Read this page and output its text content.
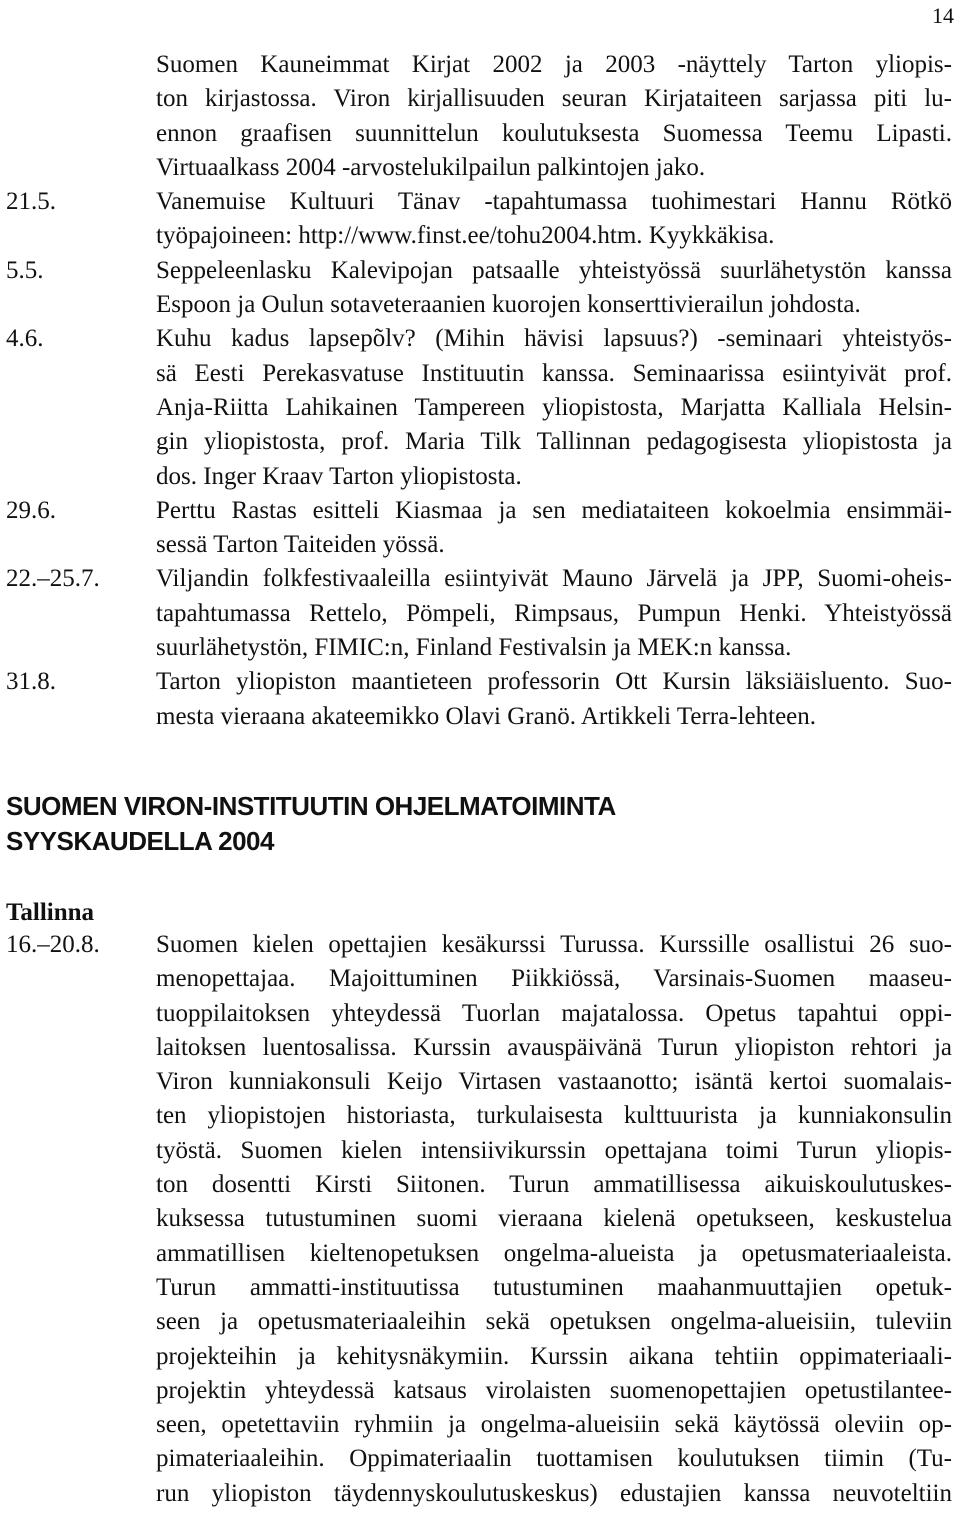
14
Suomen Kauneimmat Kirjat 2002 ja 2003 -näyttely Tarton yliopis-
ton kirjastossa. Viron kirjallisuuden seuran Kirjataiteen sarjassa piti lu-
ennon graafisen suunnittelun koulutuksesta Suomessa Teemu Lipasti.
Virtuaalkass 2004 -arvostelukilpailun palkintojen jako.
21.5.	Vanemuise Kultuuri Tänav -tapahtumassa tuohimestari Hannu Rötkö
työpajoineen: http://www.finst.ee/tohu2004.htm. Kyykkäkisa.
5.5.	Seppeleenlasku Kalevipojan patsaalle yhteistyössä suurlähetystön kanssa
Espoon ja Oulun sotaveteraanien kuorojen konserttivierailun johdosta.
4.6.	Kuhu kadus lapsepõlv? (Mihin hävisi lapsuus?) -seminaari yhteistyös-
sä Eesti Perekasvatuse Instituutin kanssa. Seminaarissa esiintyivät prof.
Anja-Riitta Lahikainen Tampereen yliopistosta, Marjatta Kalliala Helsin-
gin yliopistosta, prof. Maria Tilk Tallinnan pedagogisesta yliopistosta ja
dos. Inger Kraav Tarton yliopistosta.
29.6.	Perttu Rastas esitteli Kiasmaa ja sen mediataiteen kokoelmia ensimmäi-
sessä Tarton Taiteiden yössä.
22.–25.7. Viljandin folkfestivaaleilla esiintyivät Mauno Järvelä ja JPP, Suomi-oheis-
tapahtumassa Rettelo, Pömpeli, Rimpsaus, Pumpun Henki. Yhteistyössä
suurlähetystön, FIMIC:n, Finland Festivalsin ja MEK:n kanssa.
31.8.	Tarton yliopiston maantieteen professorin Ott Kursin läksiäisluento. Suo-
mesta vieraana akateemikko Olavi Granö. Artikkeli Terra-lehteen.
SUOMEN VIRON-INSTITUUTIN OHJELMATOIMINTA
SYYSKAUDELLA 2004
Tallinna
16.–20.8. Suomen kielen opettajien kesäkurssi Turussa. Kurssille osallistui 26 suo-
menopettajaa. Majoittuminen Piikkiössä, Varsinais-Suomen maaseu-
tuoppilaitoksen yhteydessä Tuorlan majatalossa. Opetus tapahtui oppi-
laitoksen luentosalissa. Kurssin avauspäivänä Turun yliopiston rehtori ja
Viron kunniakonsuli Keijo Virtasen vastaanotto; isäntä kertoi suomalais-
ten yliopistojen historiasta, turkulaisesta kulttuurista ja kunniakonsulin
työstä. Suomen kielen intensiivikurssin opettajana toimi Turun yliopis-
ton dosentti Kirsti Siitonen. Turun ammatillisessa aikuiskoulutuskes-
kuksessa tutustuminen suomi vieraana kielenä opetukseen, keskustelua
ammatillisen kieltenopetuksen ongelma-alueista ja opetusmateriaaleista.
Turun ammatti-instituutissa tutustuminen maahanmuuttajien opetuk-
seen ja opetusmateriaaleihin sekä opetuksen ongelma-alueisiin, tuleviin
projekteihin ja kehitysnäkymiin. Kurssin aikana tehtiin oppimateriaali-
projektin yhteydessä katsaus virolaisten suomenopettajien opetustilantee-
seen, opetettaviin ryhmiin ja ongelma-alueisiin sekä käytössä oleviin op-
pimateriaaleihin. Oppimateriaalin tuottamisen koulutuksen tiimin (Tu-
run yliopiston täydennyskoulutuskeskus) edustajien kanssa neuvoteltiin
